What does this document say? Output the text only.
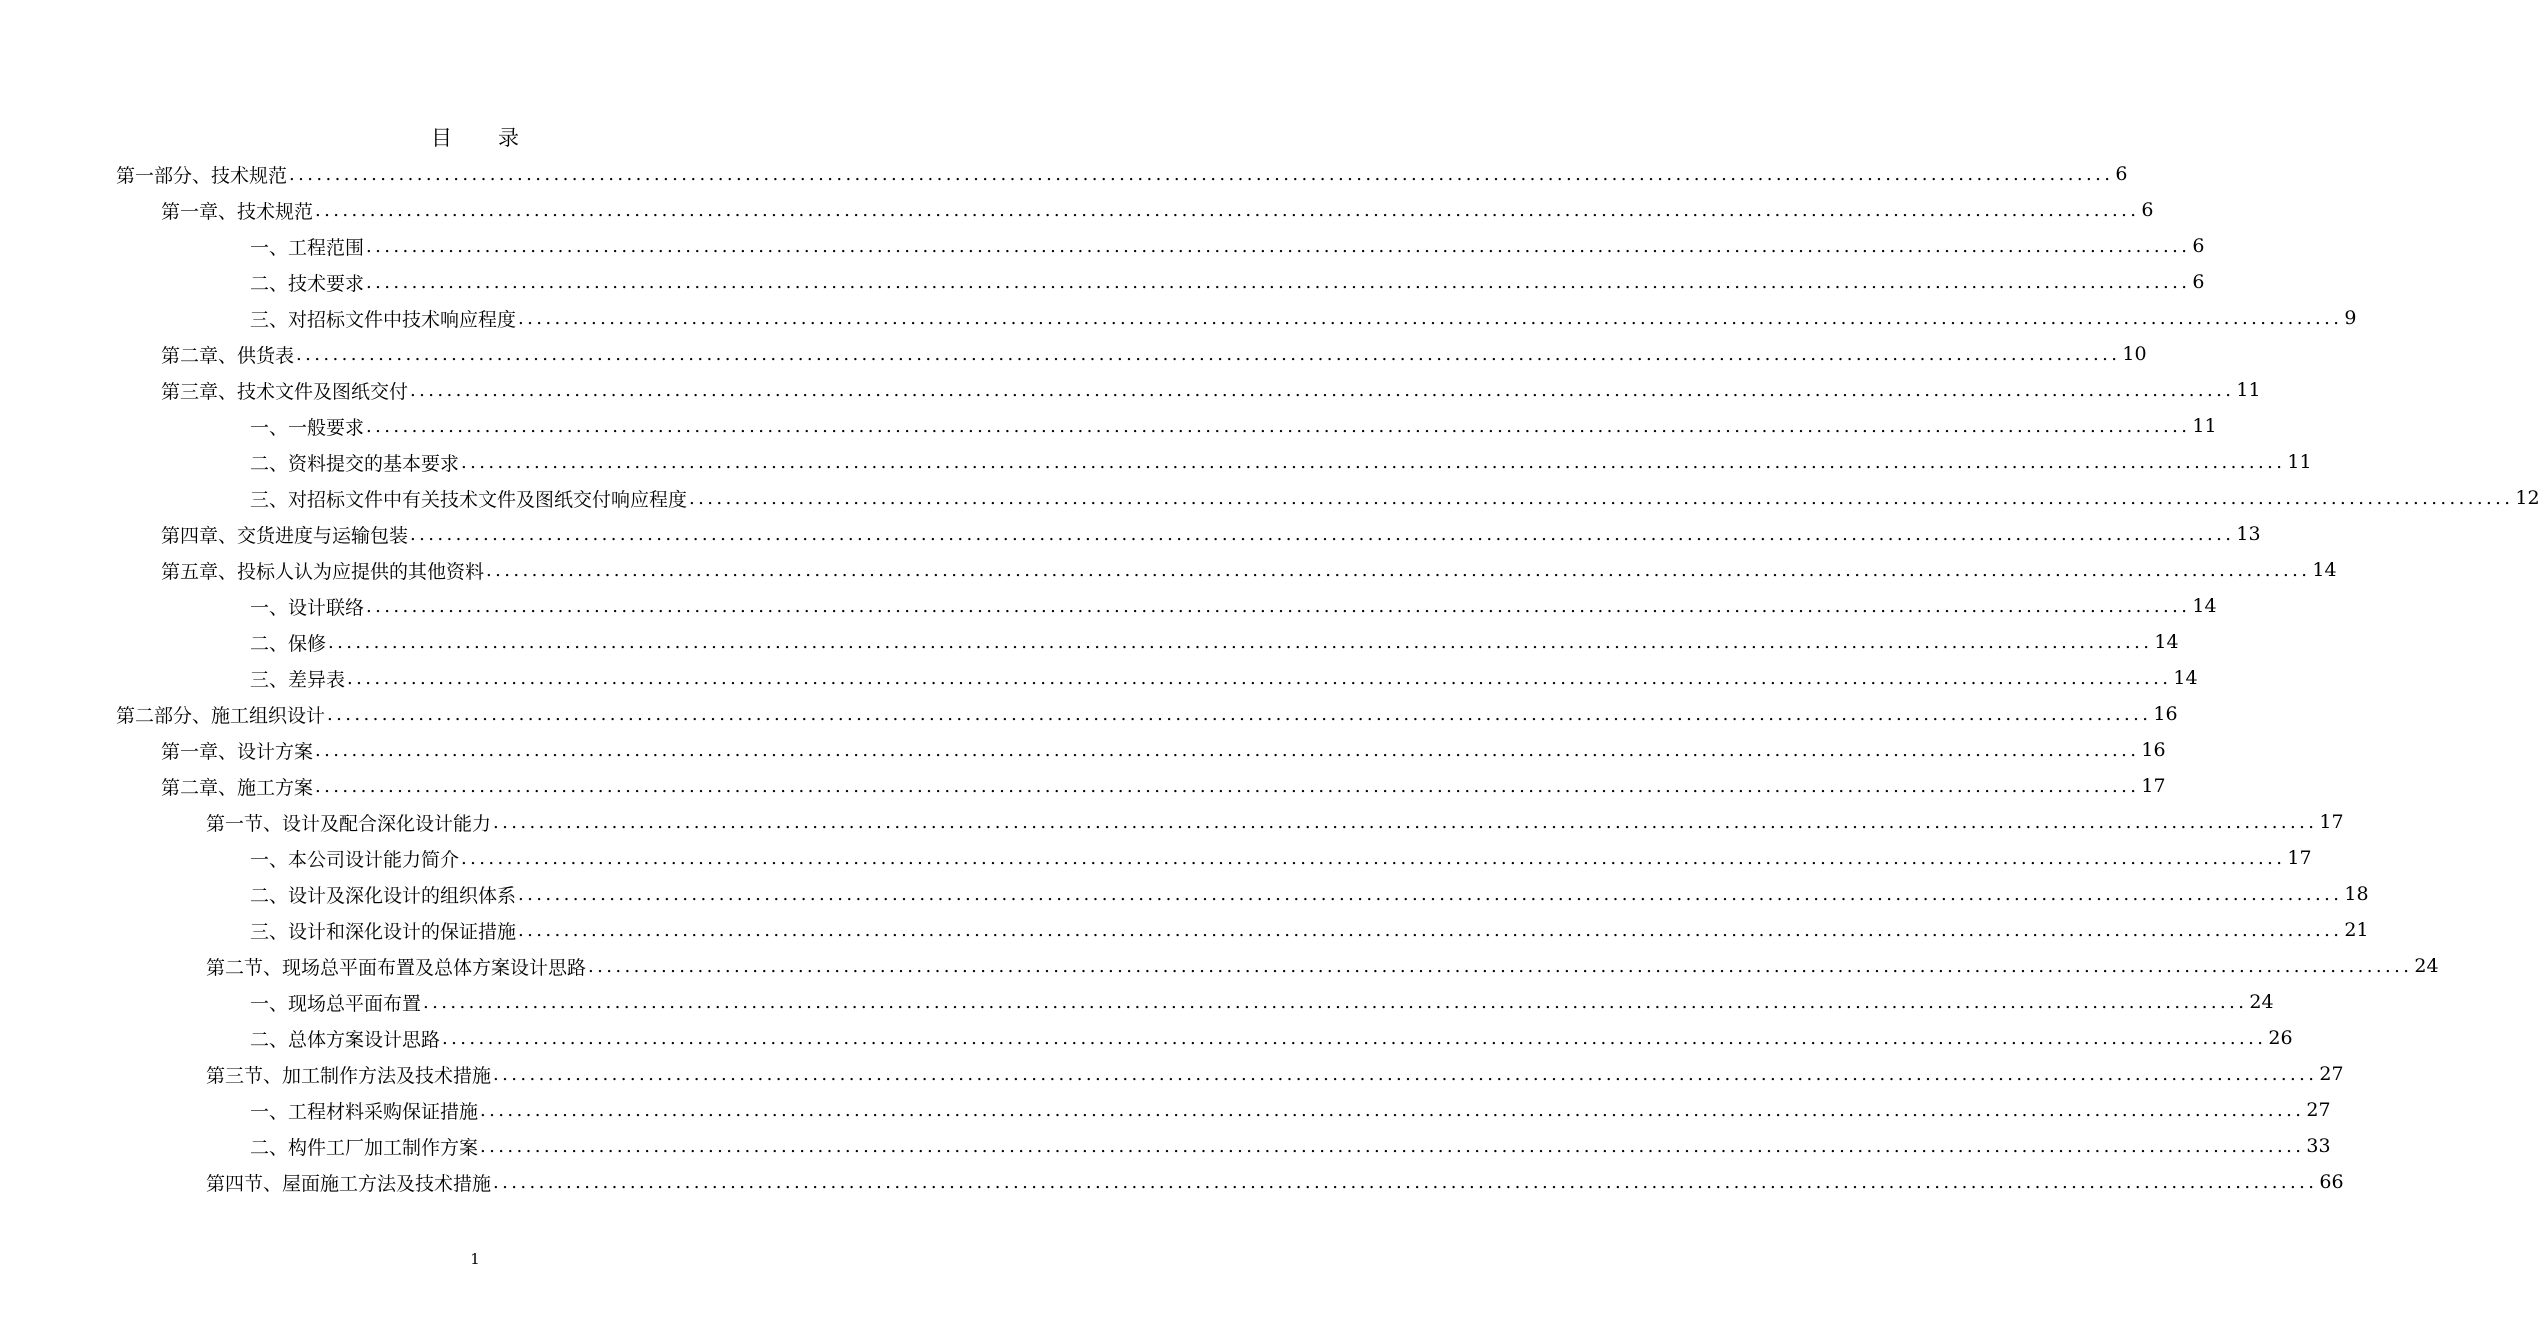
目录
第一部分、技术规范 ........................................................................................................................................................................................................ 6
第一章、技术规范 ........................................................................................................................................................................................................ 6
一、工程范围 ........................................................................................................................................................................................................ 6
二、技术要求 ........................................................................................................................................................................................................ 6
三、对招标文件中技术响应程度 ........................................................................................................................................................................................................ 9
第二章、供货表 ........................................................................................................................................................................................................ 10
第三章、技术文件及图纸交付 ........................................................................................................................................................................................................ 11
一、一般要求 ........................................................................................................................................................................................................ 11
二、资料提交的基本要求 ........................................................................................................................................................................................................ 11
三、对招标文件中有关技术文件及图纸交付响应程度 ........................................................................................................................................................................................................ 12
第四章、交货进度与运输包装 ........................................................................................................................................................................................................ 13
第五章、投标人认为应提供的其他资料 ........................................................................................................................................................................................................ 14
一、设计联络 ........................................................................................................................................................................................................ 14
二、保修 ........................................................................................................................................................................................................ 14
三、差异表 ........................................................................................................................................................................................................ 14
第二部分、施工组织设计 ........................................................................................................................................................................................................ 16
第一章、设计方案 ........................................................................................................................................................................................................ 16
第二章、施工方案 ........................................................................................................................................................................................................ 17
第一节、设计及配合深化设计能力 ........................................................................................................................................................................................................ 17
一、本公司设计能力简介 ........................................................................................................................................................................................................ 17
二、设计及深化设计的组织体系 ........................................................................................................................................................................................................ 18
三、设计和深化设计的保证措施 ........................................................................................................................................................................................................ 21
第二节、现场总平面布置及总体方案设计思路 ........................................................................................................................................................................................................ 24
一、现场总平面布置 ........................................................................................................................................................................................................ 24
二、总体方案设计思路 ........................................................................................................................................................................................................ 26
第三节、加工制作方法及技术措施 ........................................................................................................................................................................................................ 27
一、工程材料采购保证措施 ........................................................................................................................................................................................................ 27
二、构件工厂加工制作方案 ........................................................................................................................................................................................................ 33
第四节、屋面施工方法及技术措施 ........................................................................................................................................................................................................ 66
1
